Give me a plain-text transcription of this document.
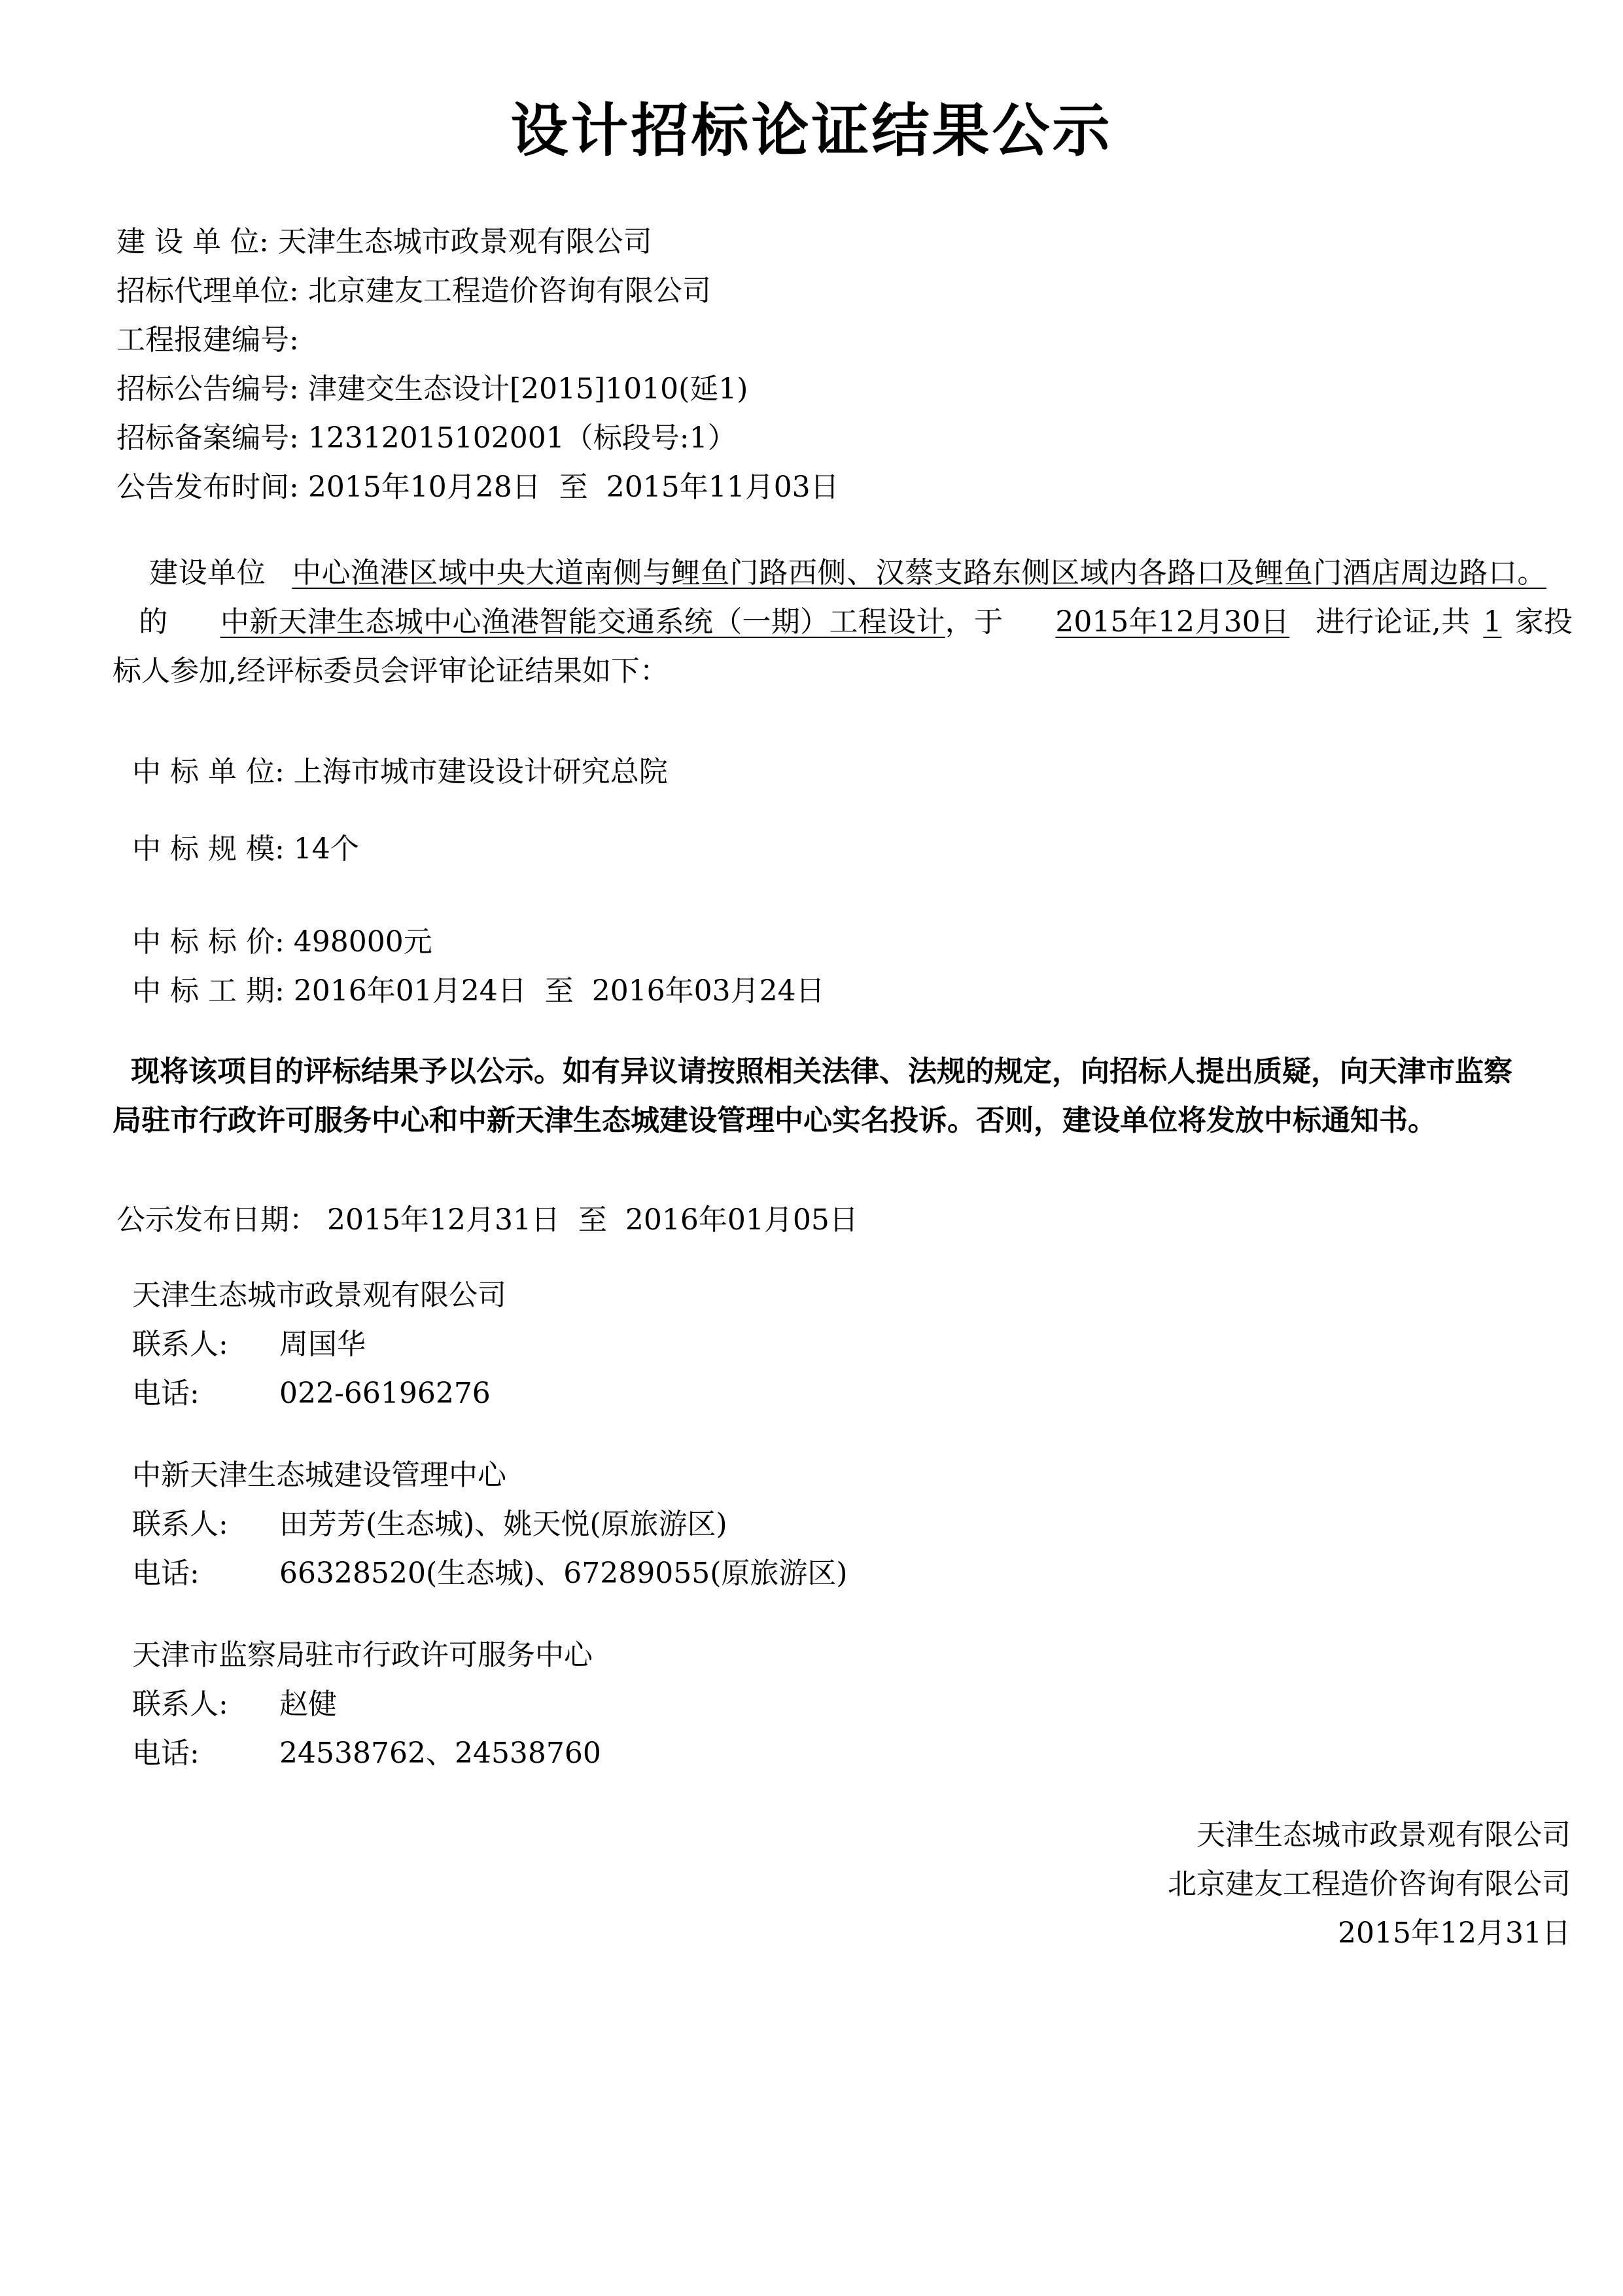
设计招标论证结果公示
建 设 单 位: 天津生态城市政景观有限公司
招标代理单位: 北京建友工程造价咨询有限公司
工程报建编号:
招标公告编号: 津建交生态设计[2015]1010(延1)
招标备案编号: 12312015102001（标段号:1）
公告发布时间: 2015年10月28日  至  2015年11月03日
建设单位 中心渔港区域中央大道南侧与鲤鱼门路西侧、汉蔡支路东侧区域内各路口及鲤鱼门酒店周边路口。的 中新天津生态城中心渔港智能交通系统（一期）工程设计，于 2015年12月30日 进行论证,共 1 家投标人参加,经评标委员会评审论证结果如下：
中 标 单 位: 上海市城市建设设计研究总院
中 标 规 模: 14个
中 标 标 价: 498000元
中 标 工 期: 2016年01月24日  至  2016年03月24日
现将该项目的评标结果予以公示。如有异议请按照相关法律、法规的规定，向招标人提出质疑，向天津市监察局驻市行政许可服务中心和中新天津生态城建设管理中心实名投诉。否则，建设单位将发放中标通知书。
公示发布日期： 2015年12月31日  至  2016年01月05日
天津生态城市政景观有限公司
联系人: 周国华
电话:	022-66196276
中新天津生态城建设管理中心
联系人: 田芳芳(生态城)、姚天悦(原旅游区)
电话:	66328520(生态城)、67289055(原旅游区)
天津市监察局驻市行政许可服务中心
联系人: 赵健
电话:	24538762、24538760
天津生态城市政景观有限公司
北京建友工程造价咨询有限公司
2015年12月31日
